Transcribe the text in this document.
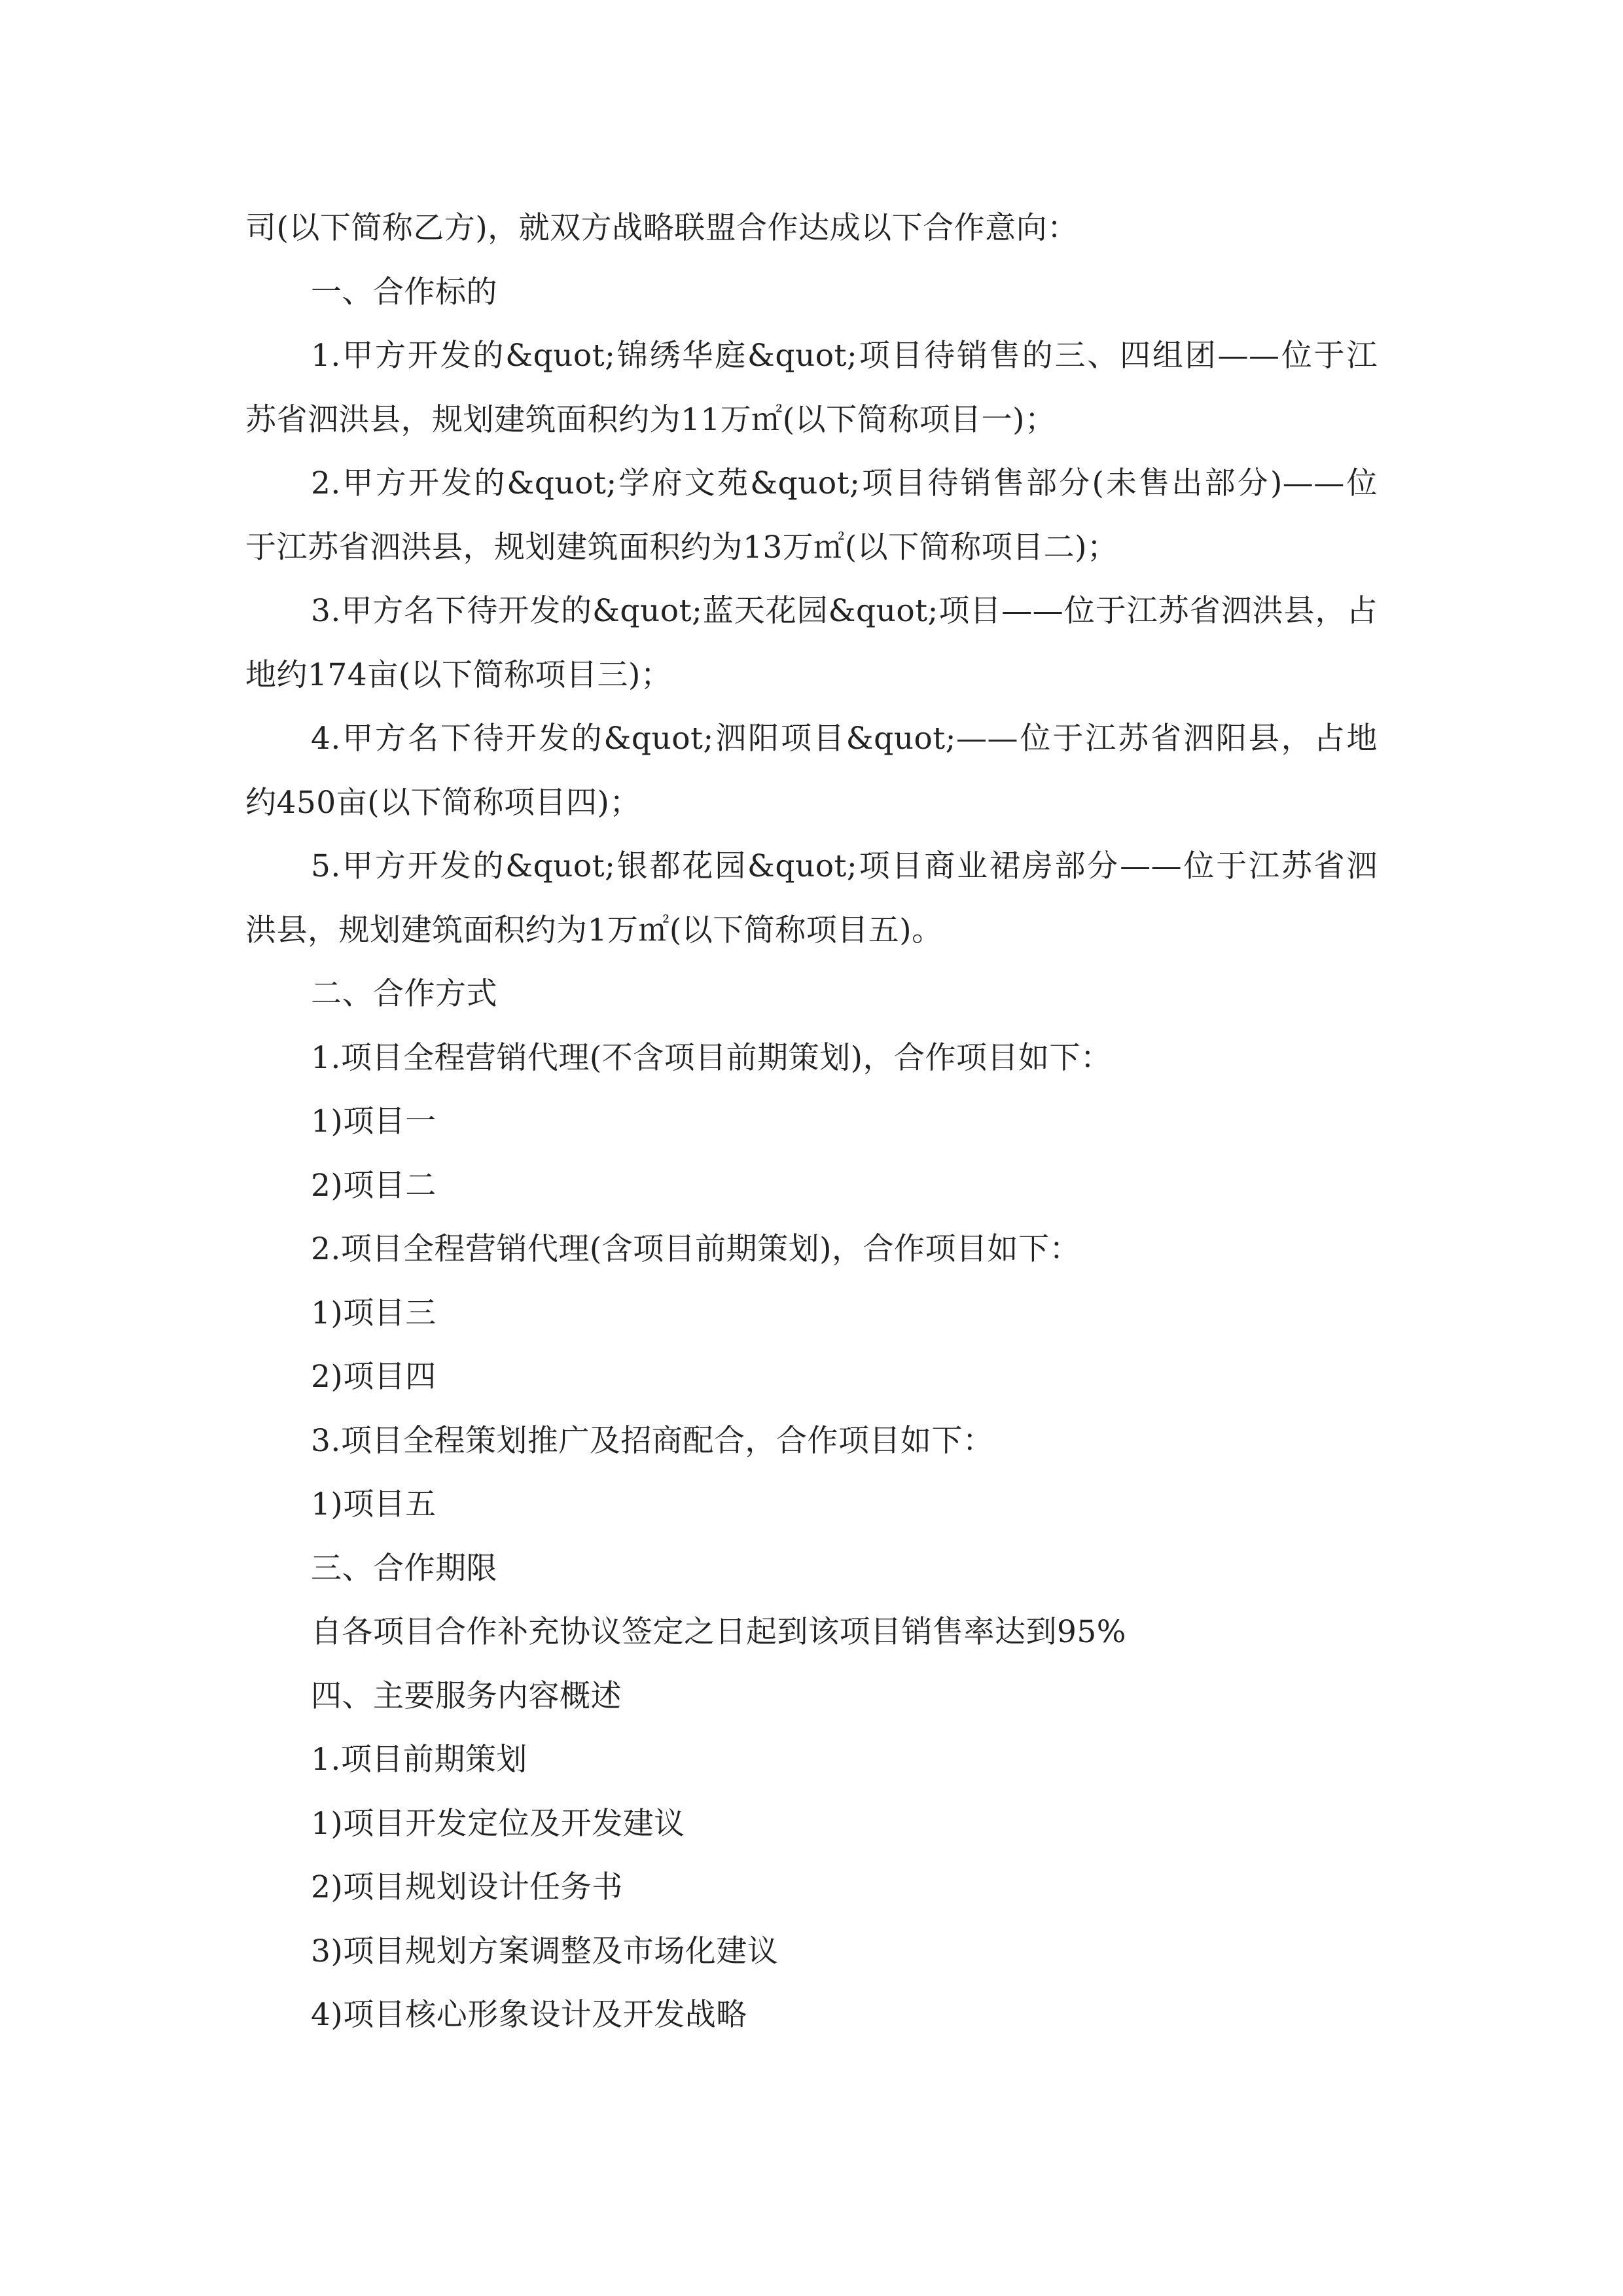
司(以下简称乙方)，就双方战略联盟合作达成以下合作意向：
一、合作标的
1.甲方开发的&quot;锦绣华庭&quot;项目待销售的三、四组团——位于江
苏省泗洪县，规划建筑面积约为11万㎡(以下简称项目一)；
2.甲方开发的&quot;学府文苑&quot;项目待销售部分(未售出部分)——位
于江苏省泗洪县，规划建筑面积约为13万㎡(以下简称项目二)；
3.甲方名下待开发的&quot;蓝天花园&quot;项目——位于江苏省泗洪县，占
地约174亩(以下简称项目三)；
4.甲方名下待开发的&quot;泗阳项目&quot;——位于江苏省泗阳县，占地
约450亩(以下简称项目四)；
5.甲方开发的&quot;银都花园&quot;项目商业裙房部分——位于江苏省泗
洪县，规划建筑面积约为1万㎡(以下简称项目五)。
二、合作方式
1.项目全程营销代理(不含项目前期策划)，合作项目如下：
1)项目一
2)项目二
2.项目全程营销代理(含项目前期策划)，合作项目如下：
1)项目三
2)项目四
3.项目全程策划推广及招商配合，合作项目如下：
1)项目五
三、合作期限
自各项目合作补充协议签定之日起到该项目销售率达到95%
四、主要服务内容概述
1.项目前期策划
1)项目开发定位及开发建议
2)项目规划设计任务书
3)项目规划方案调整及市场化建议
4)项目核心形象设计及开发战略
